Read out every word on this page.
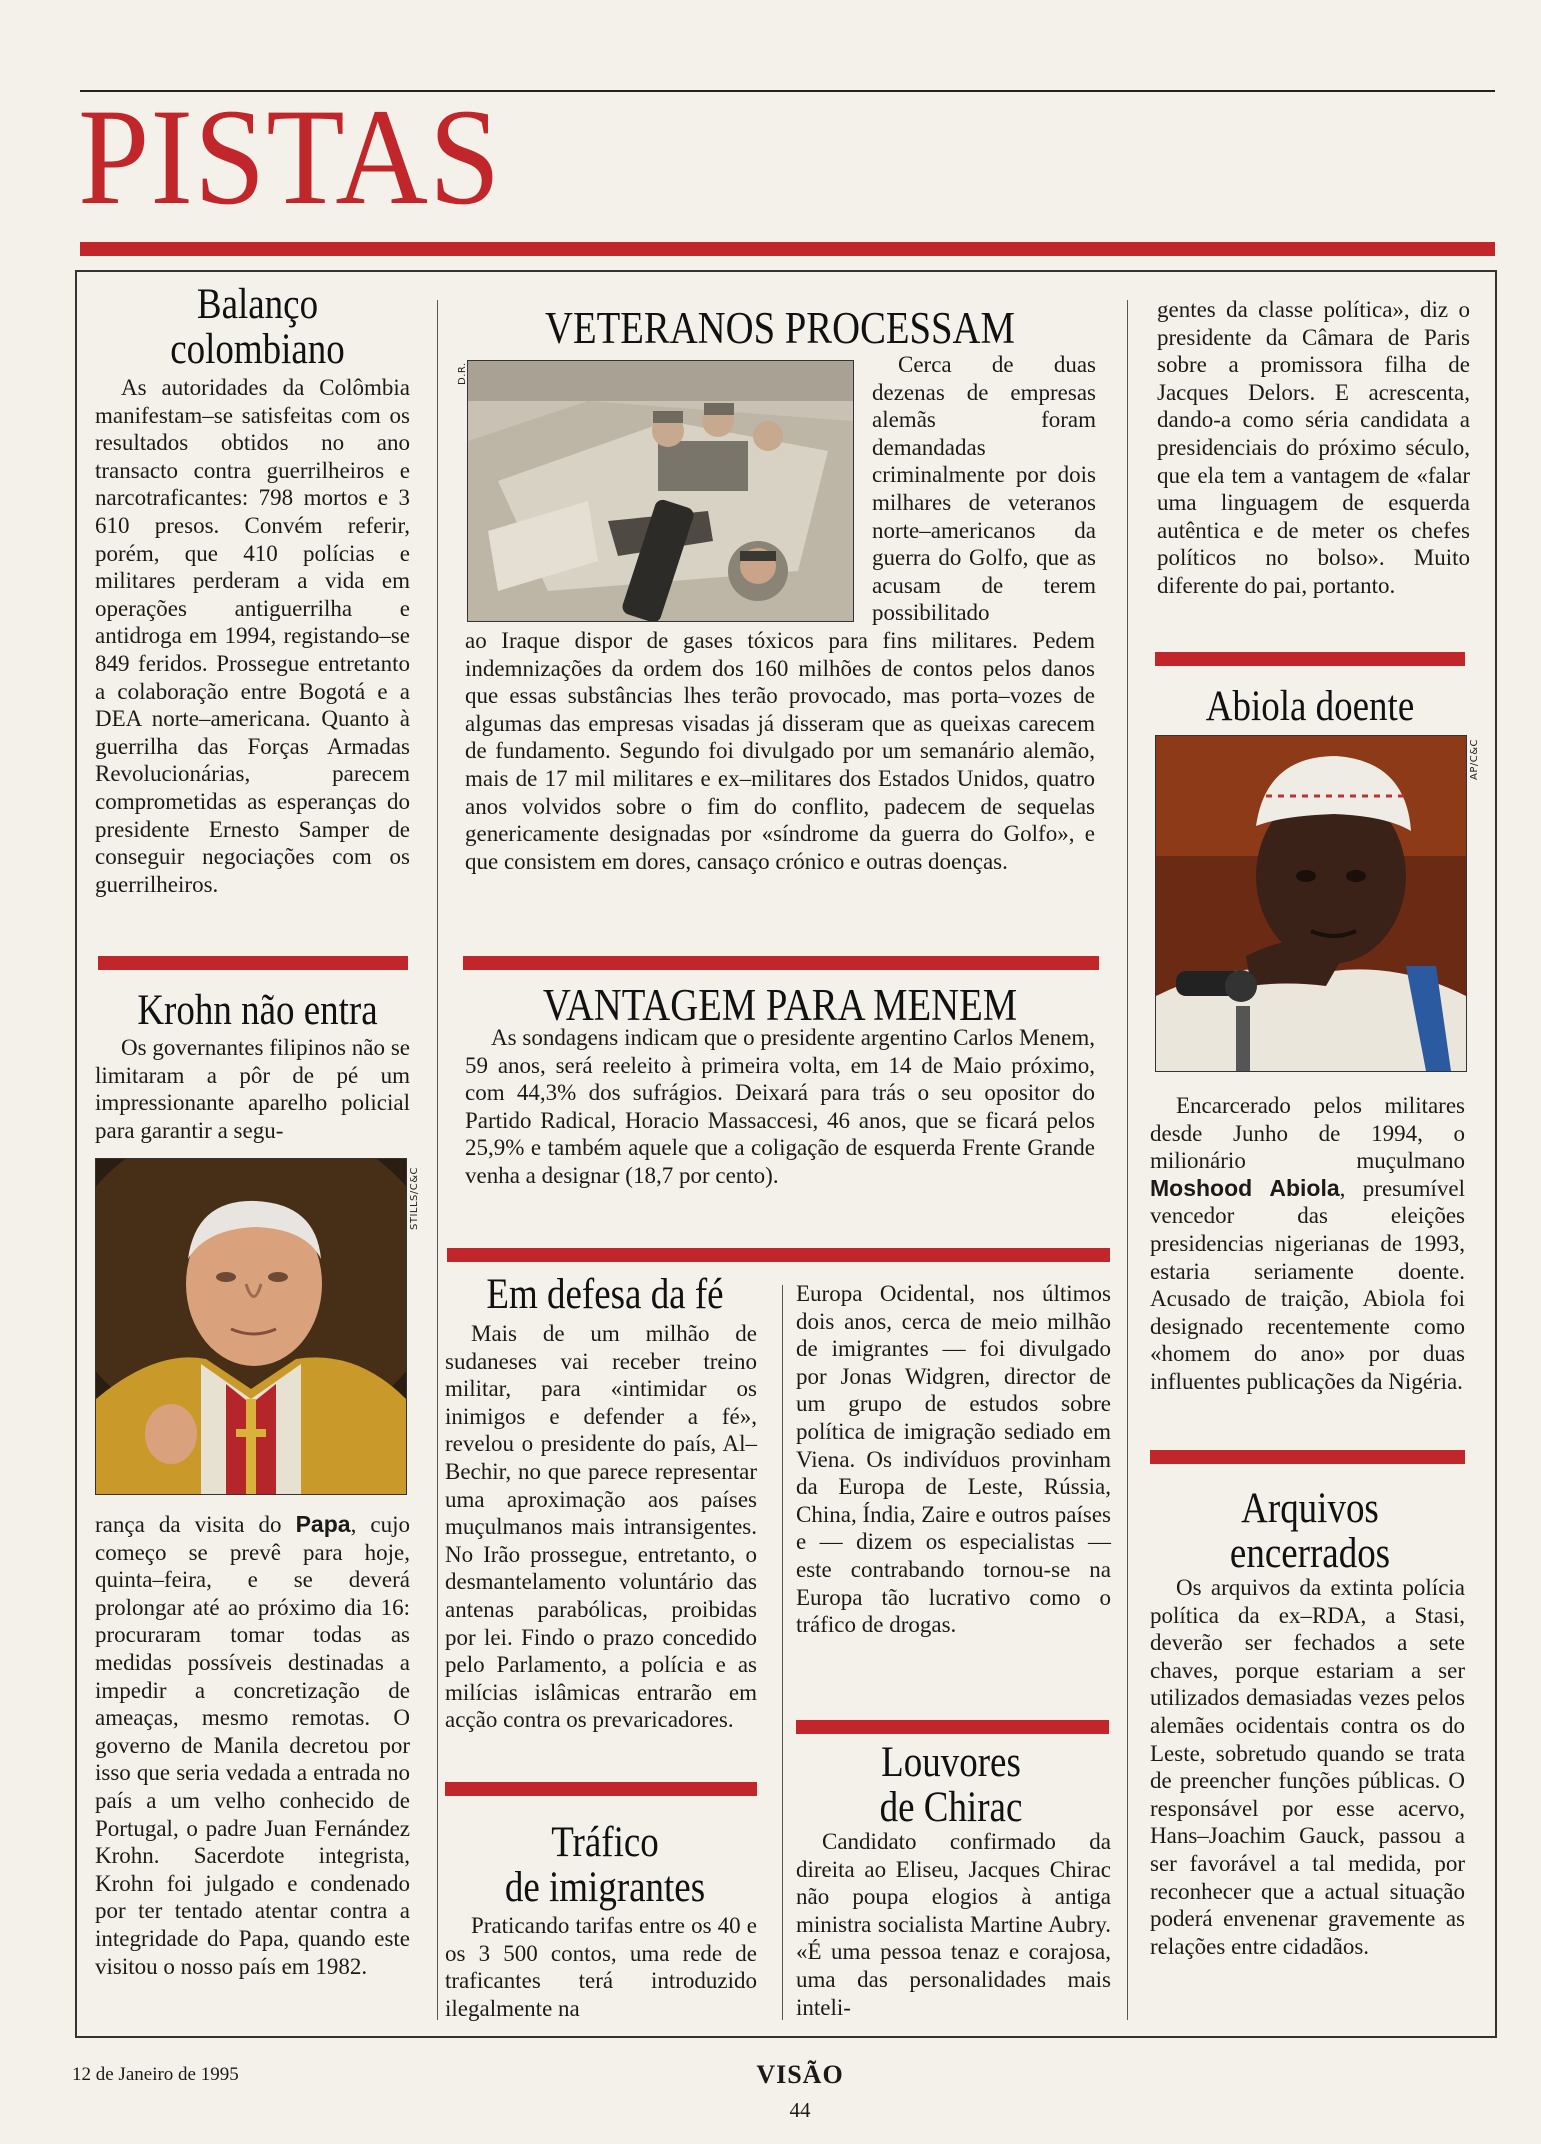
PISTAS
Balanço
colombiano

As autoridades da Colômbia manifestam–se satisfeitas com os resultados obtidos no ano transacto contra guerrilheiros e narcotraficantes: 798 mortos e 3 610 presos. Convém referir, porém, que 410 polícias e militares perderam a vida em operações antiguerrilha e antidroga em 1994, registando–se 849 feridos. Prossegue entretanto a colaboração entre Bogotá e a DEA norte–americana. Quanto à guerrilha das Forças Armadas Revolucionárias, parecem comprometidas as esperanças do presidente Ernesto Samper de conseguir negociações com os guerrilheiros.

Krohn não entra

Os governantes filipinos não se limitaram a pôr de pé um impressionante aparelho policial para garantir a segu-

STILLS/C&C

rança da visita do Papa, cujo começo se prevê para hoje, quinta–feira, e se deverá prolongar até ao próximo dia 16: procuraram tomar todas as medidas possíveis destinadas a impedir a concretização de ameaças, mesmo remotas. O governo de Manila decretou por isso que seria vedada a entrada no país a um velho conhecido de Portugal, o padre Juan Fernández Krohn. Sacerdote integrista, Krohn foi julgado e condenado por ter tentado atentar contra a integridade do Papa, quando este visitou o nosso país em 1982.

VETERANOS PROCESSAM
D.R.	Cerca de duas dezenas de empresas alemãs foram demandadas criminalmente por dois milhares de veteranos norte–americanos da guerra do Golfo, que as acusam de terem possibilitado

ao Iraque dispor de gases tóxicos para fins militares. Pedem indemnizações da ordem dos 160 milhões de contos pelos danos que essas substâncias lhes terão provocado, mas porta–vozes de algumas das empresas visadas já disseram que as queixas carecem de fundamento. Segundo foi divulgado por um semanário alemão, mais de 17 mil militares e ex–militares dos Estados Unidos, quatro anos volvidos sobre o fim do conflito, padecem de sequelas genericamente designadas por «síndrome da guerra do Golfo», e que consistem em dores, cansaço crónico e outras doenças.

VANTAGEM PARA MENEM

As sondagens indicam que o presidente argentino Carlos Menem, 59 anos, será reeleito à primeira volta, em 14 de Maio próximo, com 44,3% dos sufrágios. Deixará para trás o seu opositor do Partido Radical, Horacio Massaccesi, 46 anos, que se ficará pelos 25,9% e também aquele que a coligação de esquerda Frente Grande venha a designar (18,7 por cento).

Em defesa da fé

Mais de um milhão de sudaneses vai receber treino militar, para «intimidar os inimigos e defender a fé», revelou o presidente do país, Al–Bechir, no que parece representar uma aproximação aos países muçulmanos mais intransigentes. No Irão prossegue, entretanto, o desmantelamento voluntário das antenas parabólicas, proibidas por lei. Findo o prazo concedido pelo Parlamento, a polícia e as milícias islâmicas entrarão em acção contra os prevaricadores.

Tráfico
de imigrantes

Praticando tarifas entre os 40 e os 3 500 contos, uma rede de traficantes terá introduzido ilegalmente na

Europa Ocidental, nos últimos dois anos, cerca de meio milhão de imigrantes — foi divulgado por Jonas Widgren, director de um grupo de estudos sobre política de imigração sediado em Viena. Os indivíduos provinham da Europa de Leste, Rússia, China, Índia, Zaire e outros países e — dizem os especialistas — este contrabando tornou-se na Europa tão lucrativo como o tráfico de drogas.

Louvores
de Chirac

Candidato confirmado da direita ao Eliseu, Jacques Chirac não poupa elogios à antiga ministra socialista Martine Aubry. «É uma pessoa tenaz e corajosa, uma das personalidades mais inteli-

gentes da classe política», diz o presidente da Câmara de Paris sobre a promissora filha de Jacques Delors. E acrescenta, dando-a como séria candidata a presidenciais do próximo século, que ela tem a vantagem de «falar uma linguagem de esquerda autêntica e de meter os chefes políticos no bolso». Muito diferente do pai, portanto.

Abiola doente
AP/C&C

Encarcerado pelos militares desde Junho de 1994, o milionário muçulmano Moshood Abiola, presumível vencedor das eleições presidencias nigerianas de 1993, estaria seriamente doente. Acusado de traição, Abiola foi designado recentemente como «homem do ano» por duas influentes publicações da Nigéria.

Arquivos
encerrados

Os arquivos da extinta polícia política da ex–RDA, a Stasi, deverão ser fechados a sete chaves, porque estariam a ser utilizados demasiadas vezes pelos alemães ocidentais contra os do Leste, sobretudo quando se trata de preencher funções públicas. O responsável por esse acervo, Hans–Joachim Gauck, passou a ser favorável a tal medida, por reconhecer que a actual situação poderá envenenar gravemente as relações entre cidadãos.

12 de Janeiro de 1995	VISÃO
44
